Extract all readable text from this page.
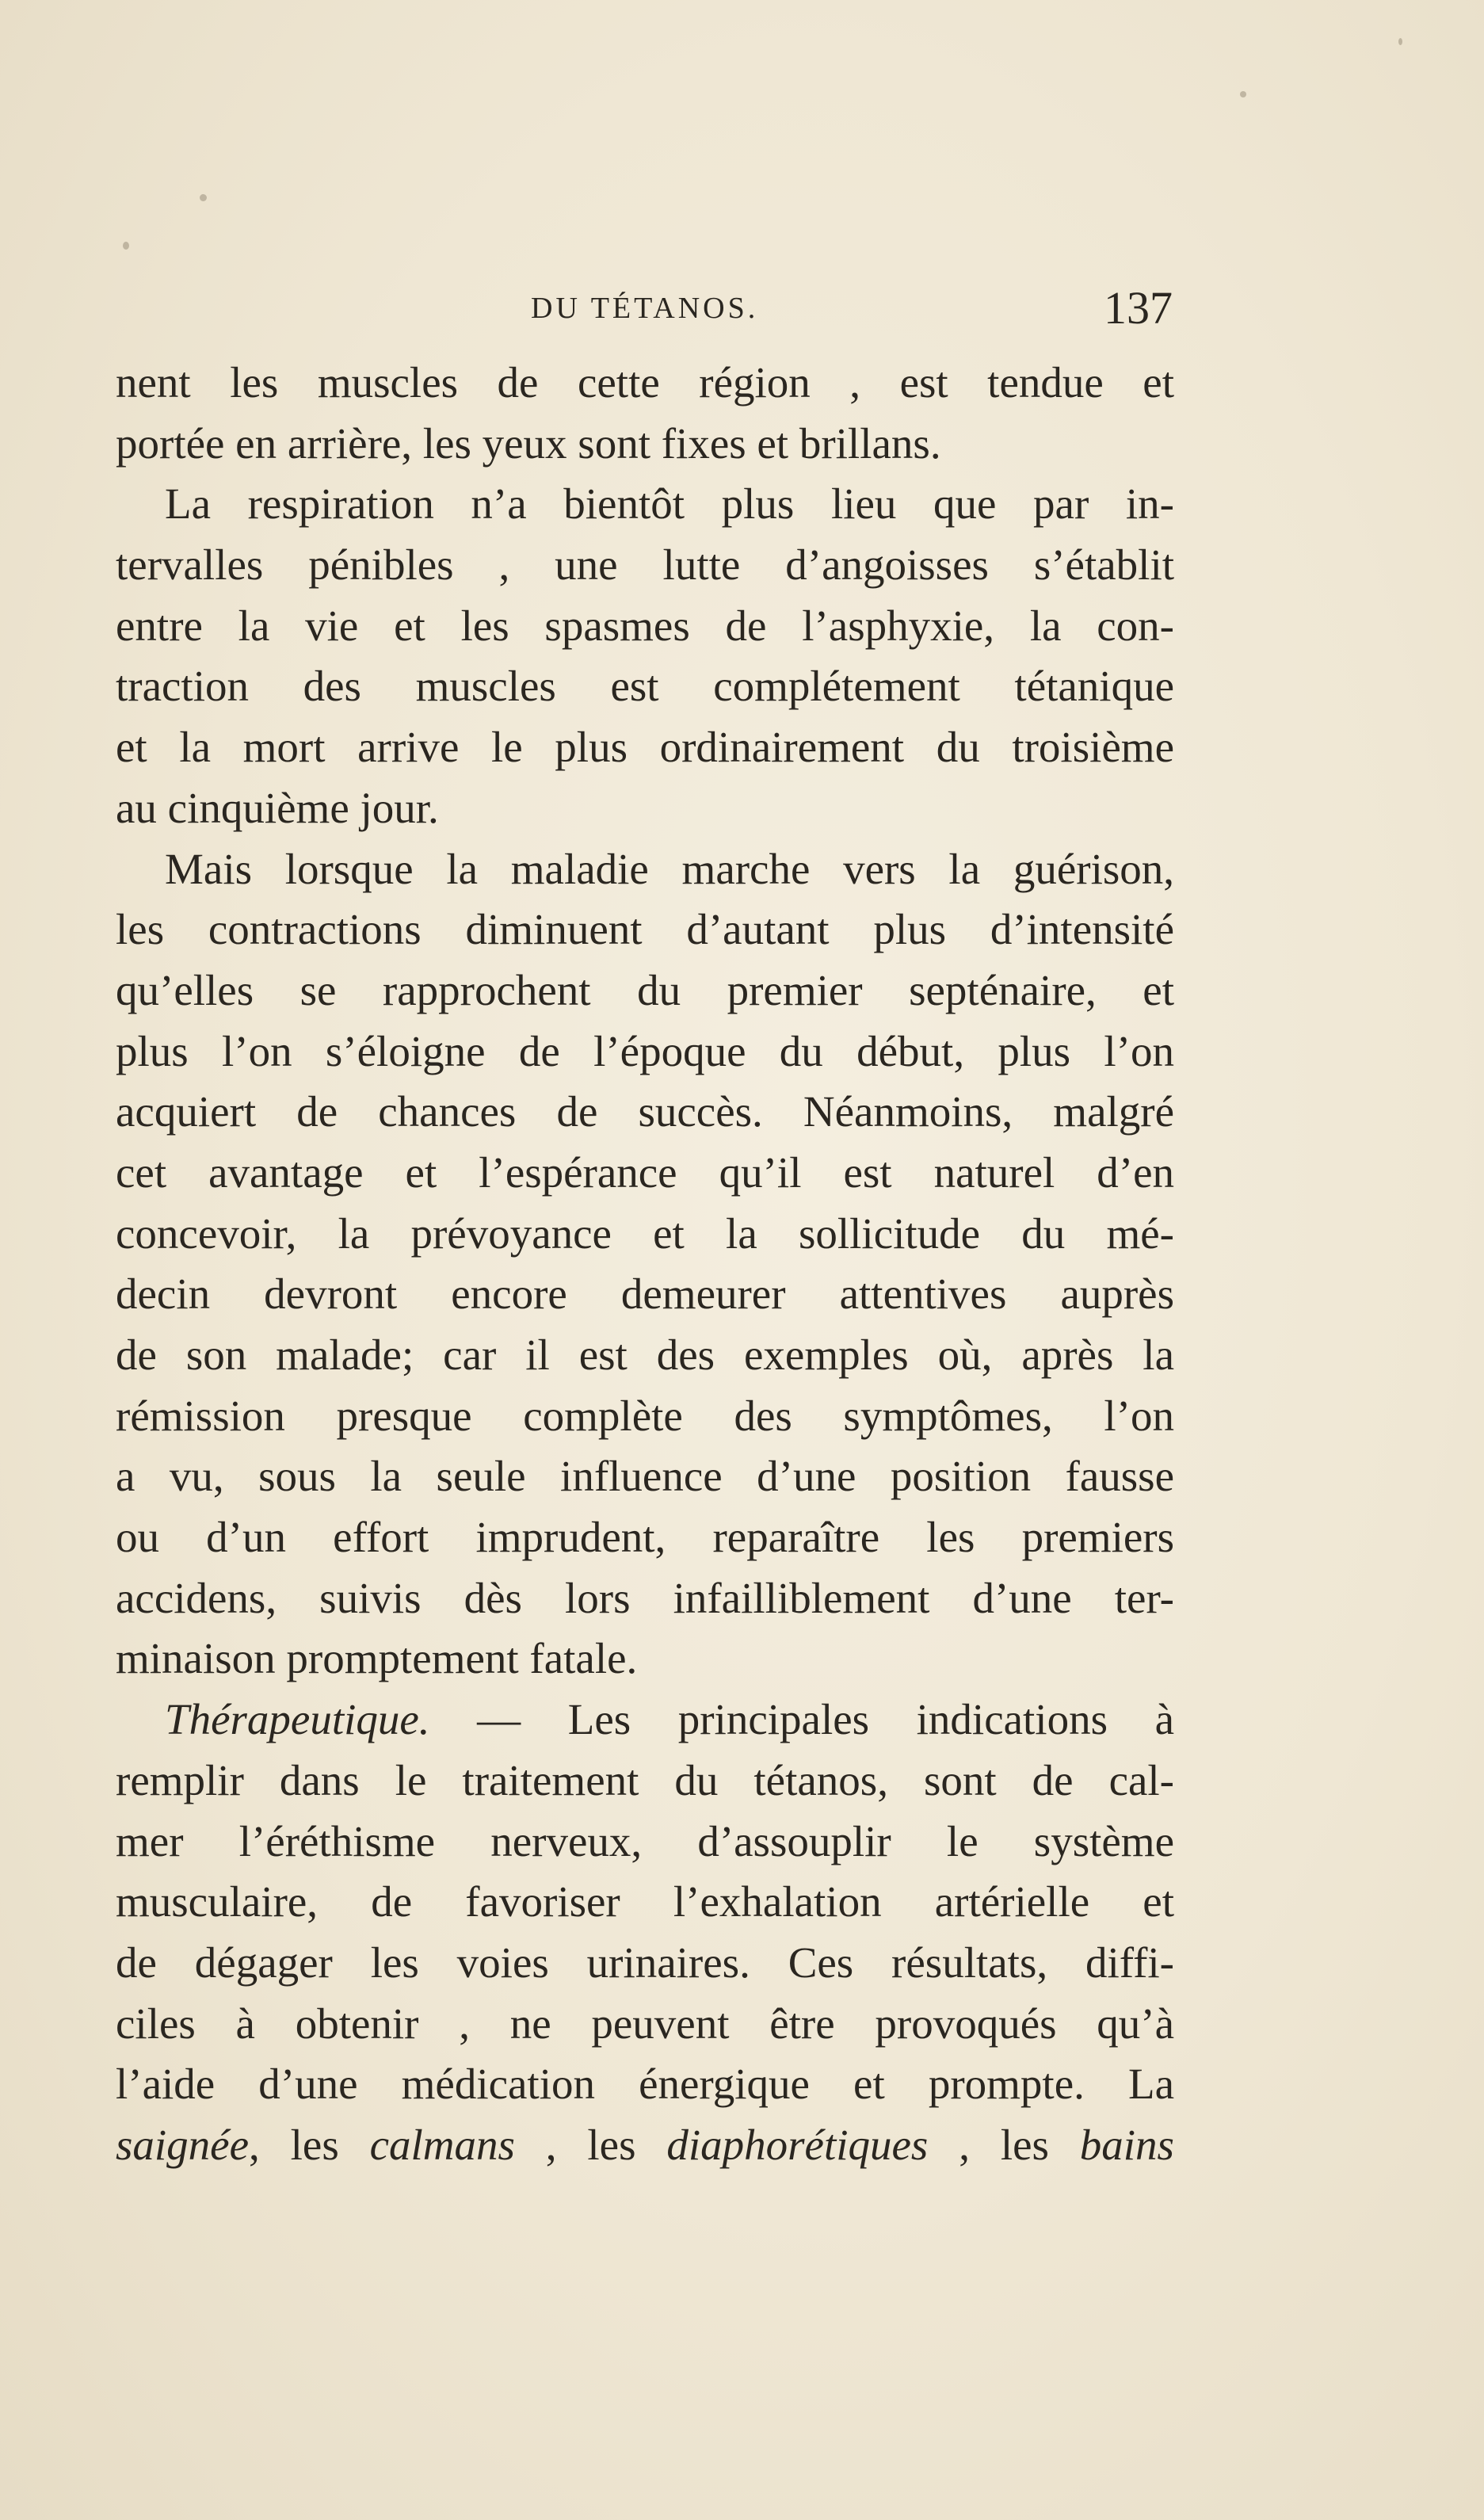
DU TÉTANOS.	137
nent les muscles de cette région , est tendue et
portée en arrière, les yeux sont fixes et brillans.
La respiration n’a bientôt plus lieu que par in-
tervalles pénibles , une lutte d’angoisses s’établit
entre la vie et les spasmes de l’asphyxie, la con-
traction des muscles est complétement tétanique
et la mort arrive le plus ordinairement du troisième
au cinquième jour.
Mais lorsque la maladie marche vers la guérison,
les contractions diminuent d’autant plus d’intensité
qu’elles se rapprochent du premier septénaire, et
plus l’on s’éloigne de l’époque du début, plus l’on
acquiert de chances de succès. Néanmoins, malgré
cet avantage et l’espérance qu’il est naturel d’en
concevoir, la prévoyance et la sollicitude du mé-
decin devront encore demeurer attentives auprès
de son malade; car il est des exemples où, après la
rémission presque complète des symptômes, l’on
a vu, sous la seule influence d’une position fausse
ou d’un effort imprudent, reparaître les premiers
accidens, suivis dès lors infailliblement d’une ter-
minaison promptement fatale.
Thérapeutique. — Les principales indications à
remplir dans le traitement du tétanos, sont de cal-
mer l’éréthisme nerveux, d’assouplir le système
musculaire, de favoriser l’exhalation artérielle et
de dégager les voies urinaires. Ces résultats, diffi-
ciles à obtenir , ne peuvent être provoqués qu’à
l’aide d’une médication énergique et prompte. La
saignée, les calmans , les diaphorétiques , les bains
